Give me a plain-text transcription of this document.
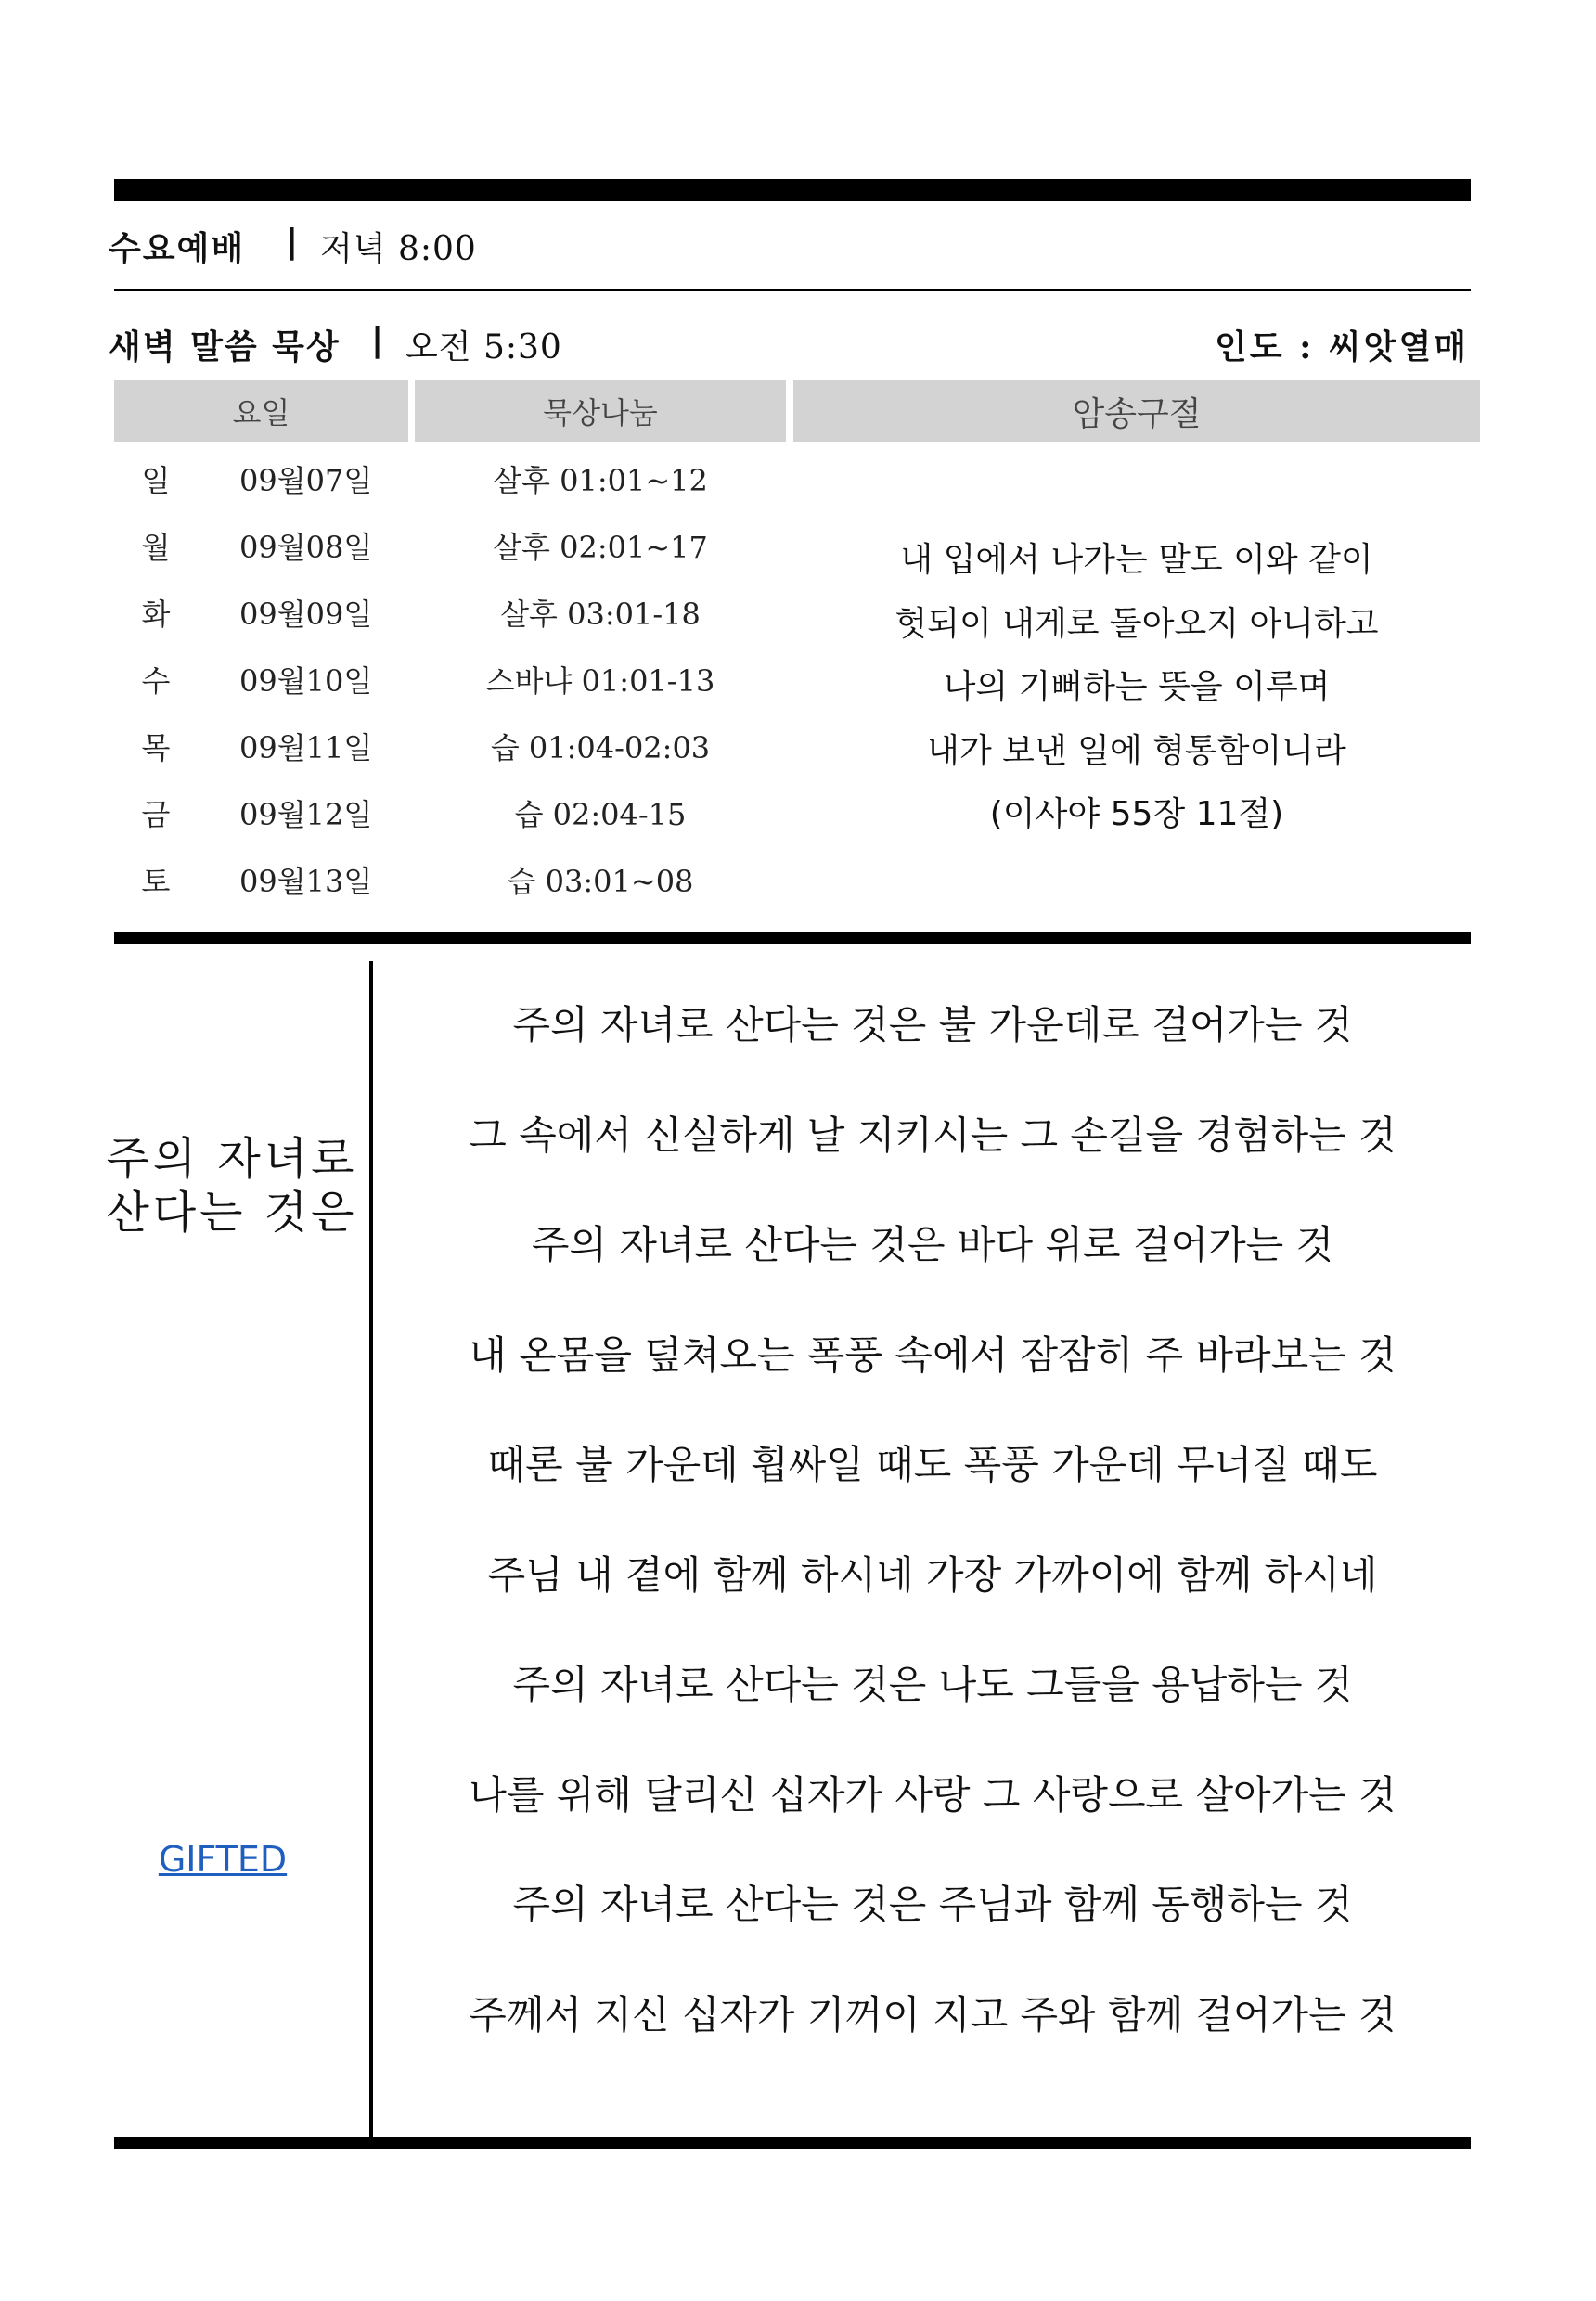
수요예배 | 저녁 8:00
새벽 말씀 묵상 | 오전 5:30	인도 : 씨앗열매
요일	묵상나눔	암송구절
일 09월07일	살후 01:01~12
월 09월08일	살후 02:01~17
화 09월09일	살후 03:01-18
수 09월10일	스바냐 01:01-13
목 09월11일	습 01:04-02:03
금 09월12일	습 02:04-15
토 09월13일	습 03:01~08
내 입에서 나가는 말도 이와 같이
헛되이 내게로 돌아오지 아니하고
나의 기뻐하는 뜻을 이루며
내가 보낸 일에 형통함이니라
(이사야 55장 11절)
주의 자녀로
산다는 것은
GIFTED
주의 자녀로 산다는 것은 불 가운데로 걸어가는 것
그 속에서 신실하게 날 지키시는 그 손길을 경험하는 것
주의 자녀로 산다는 것은 바다 위로 걸어가는 것
내 온몸을 덮쳐오는 폭풍 속에서 잠잠히 주 바라보는 것
때론 불 가운데 휩싸일 때도 폭풍 가운데 무너질 때도
주님 내 곁에 함께 하시네 가장 가까이에 함께 하시네
주의 자녀로 산다는 것은 나도 그들을 용납하는 것
나를 위해 달리신 십자가 사랑 그 사랑으로 살아가는 것
주의 자녀로 산다는 것은 주님과 함께 동행하는 것
주께서 지신 십자가 기꺼이 지고 주와 함께 걸어가는 것
